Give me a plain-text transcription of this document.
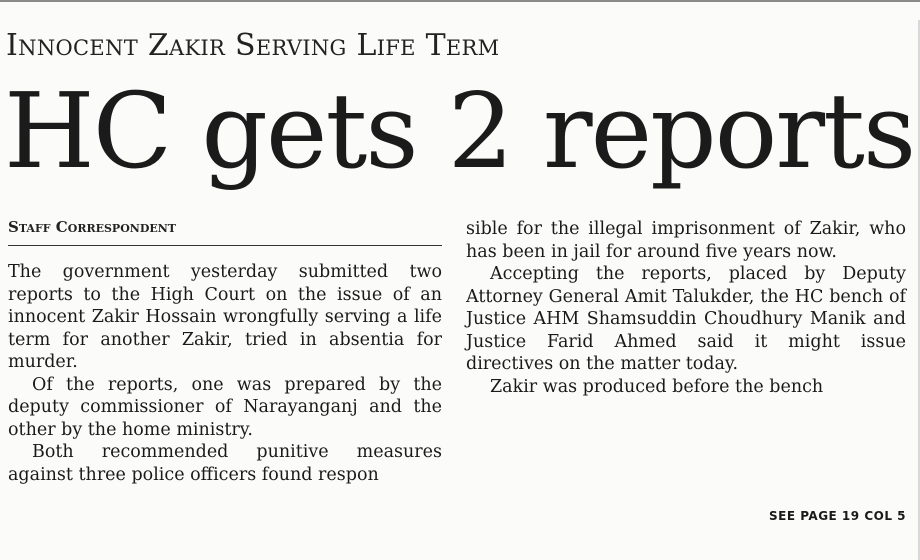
Innocent Zakir Serving Life Term
HC gets 2 reports
Staff Correspondent

The government yesterday submitted two reports to the High Court on the issue of an innocent Zakir Hossain wrongfully serving a life term for another Zakir, tried in absentia for murder.

Of the reports, one was prepared by the deputy commissioner of Narayanganj and the other by the home ministry.

Both recommended punitive measures against three police officers found respon

sible for the illegal imprisonment of Zakir, who has been in jail for around five years now.

Accepting the reports, placed by Deputy Attorney General Amit Talukder, the HC bench of Justice AHM Shamsuddin Choudhury Manik and Justice Farid Ahmed said it might issue directives on the matter today.

Zakir was produced before the bench

SEE PAGE 19 COL 5
